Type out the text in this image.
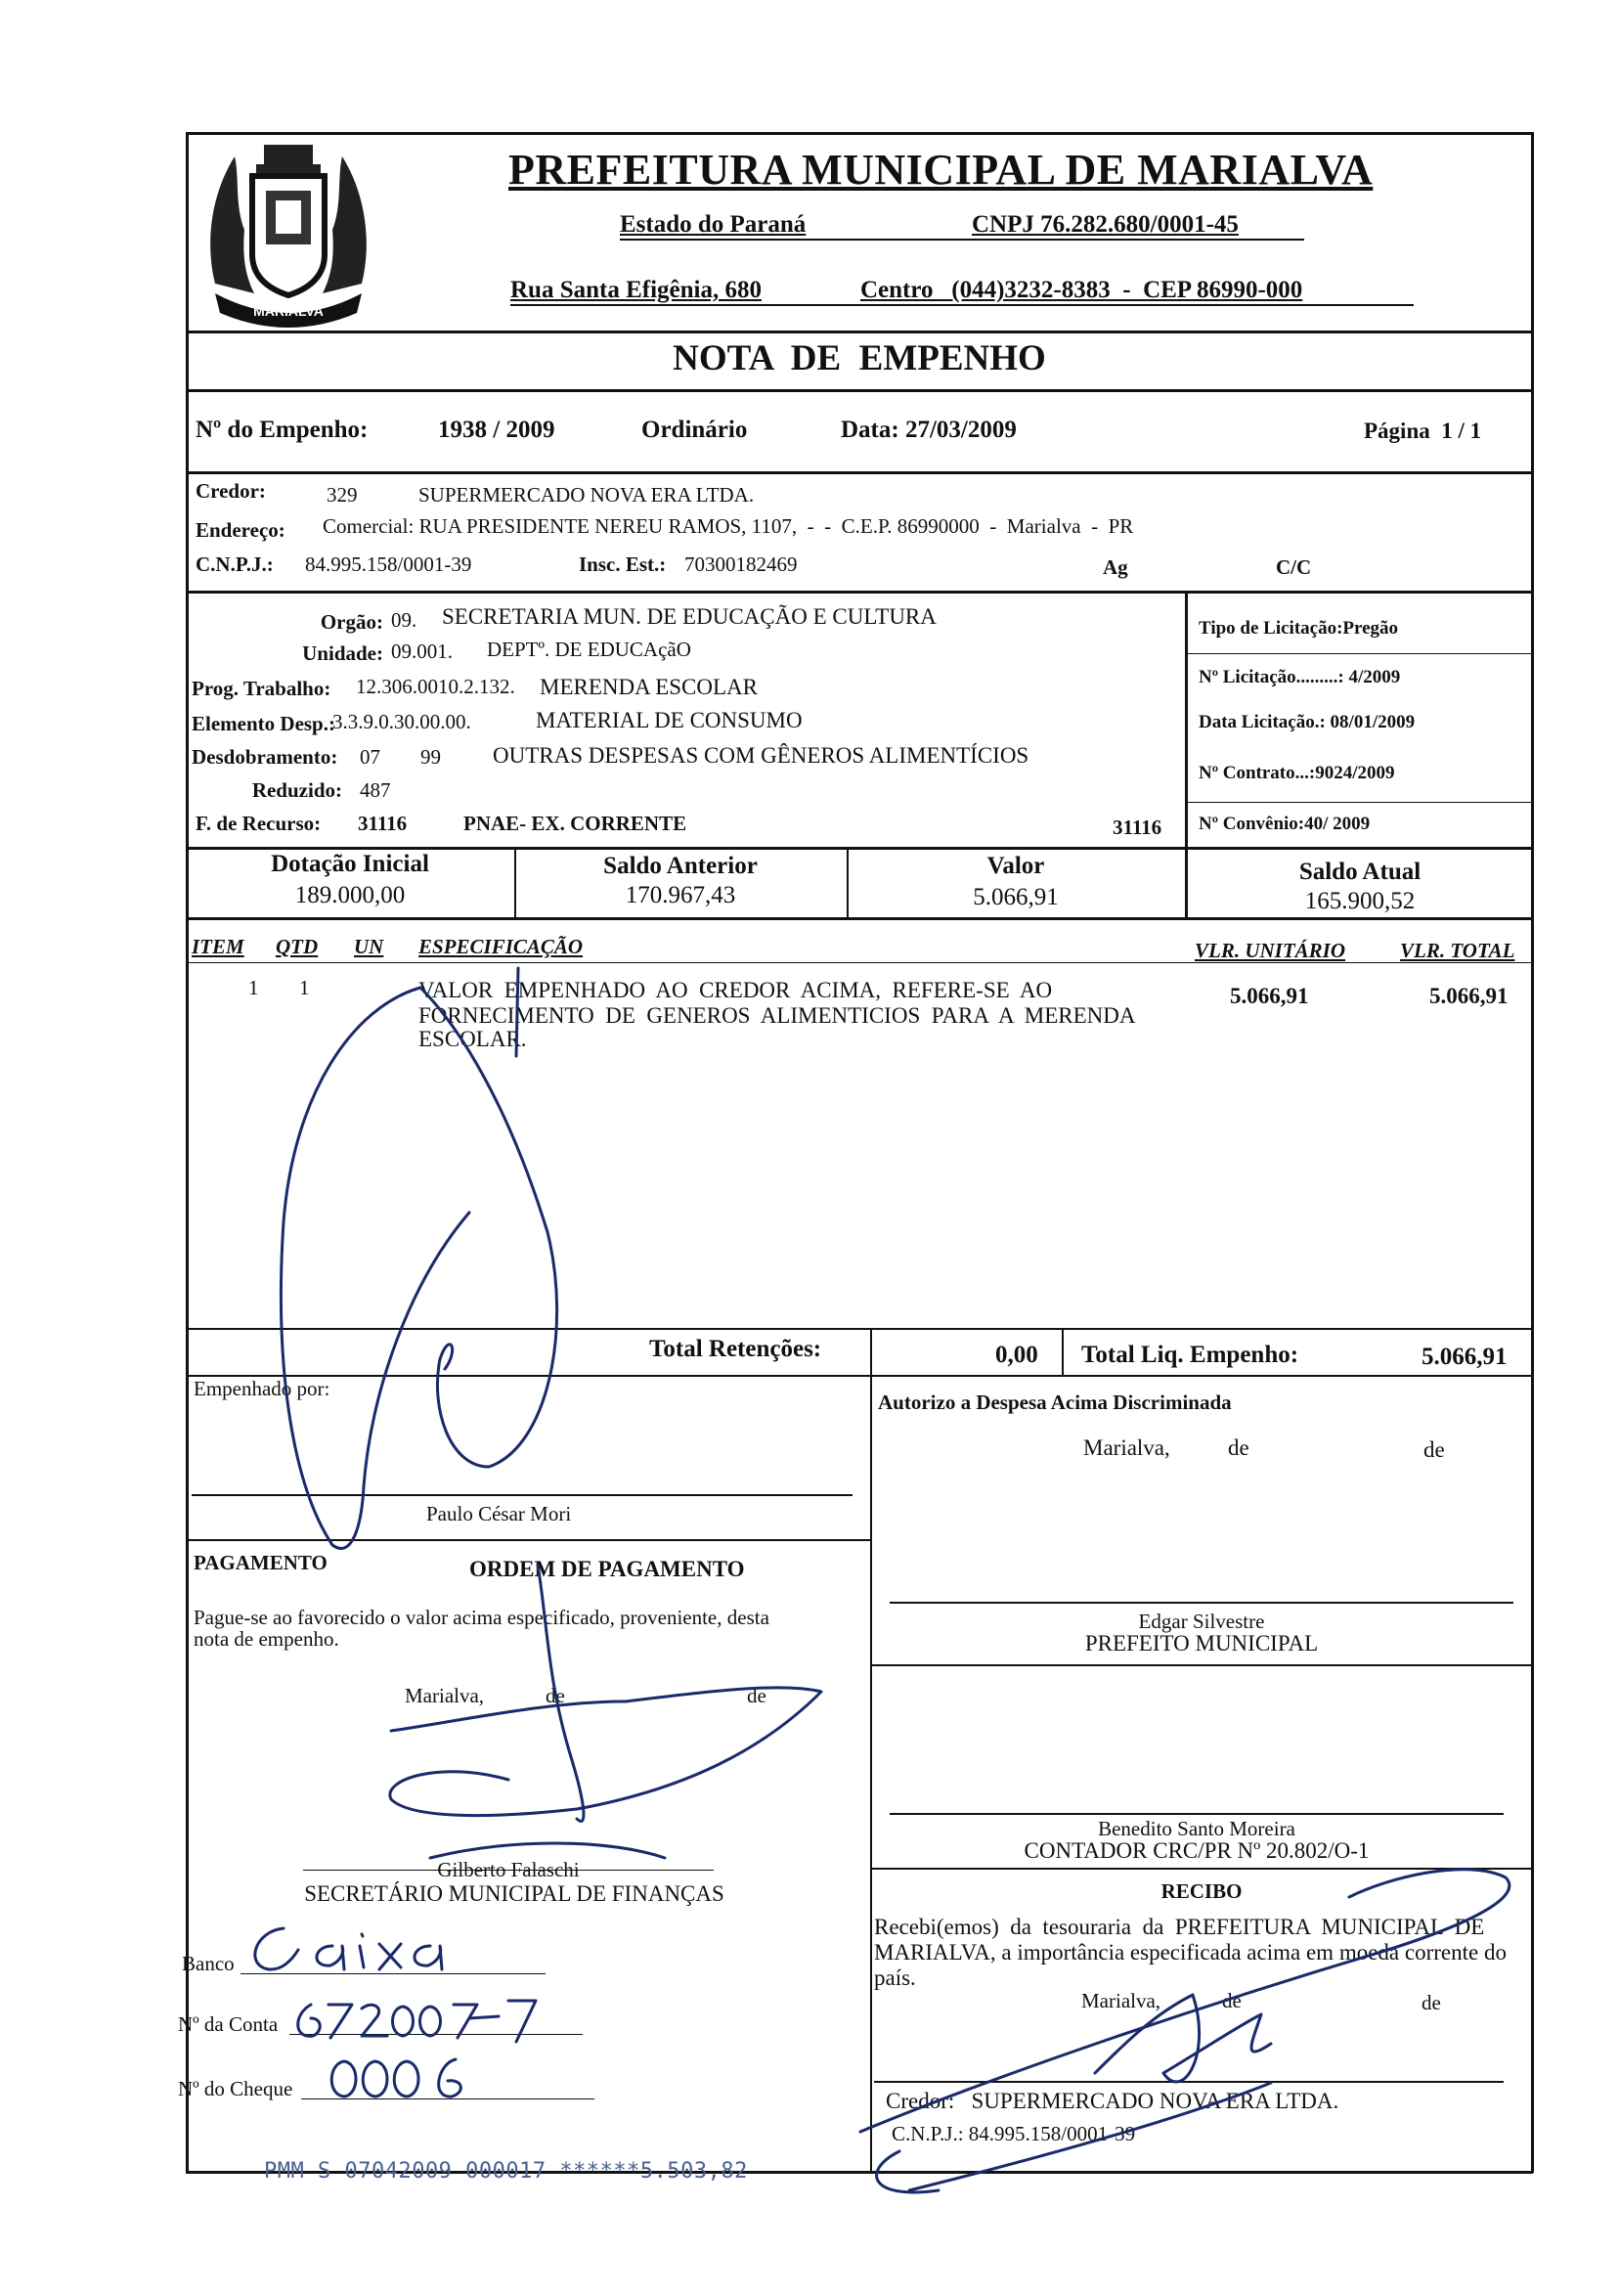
MARIALVA
PREFEITURA MUNICIPAL DE MARIALVA
Estado do Paraná	CNPJ 76.282.680/0001-45
Rua Santa Efigênia, 680	Centro   (044)3232-8383  -  CEP 86990-000
NOTA  DE  EMPENHO
Nº do Empenho:	1938 / 2009	Ordinário	Data: 27/03/2009	Página  1 / 1
Credor:	329	SUPERMERCADO NOVA ERA LTDA.
Endereço: Comercial: RUA PRESIDENTE NEREU RAMOS, 1107,  -  -  C.E.P. 86990000  -  Marialva  -  PR
C.N.P.J.: 84.995.158/0001-39	Insc. Est.: 70300182469	Ag	C/C
Orgão: 09. SECRETARIA MUN. DE EDUCAÇÃO E CULTURA
Unidade: 09.001. DEPTº. DE EDUCAçãO
Prog. Trabalho: 12.306.0010.2.132. MERENDA ESCOLAR
Elemento Desp.:
3.3.9.0.30.00.00.	MATERIAL DE CONSUMO
Desdobramento: 07 99 OUTRAS DESPESAS COM GÊNEROS ALIMENTÍCIOS
Reduzido: 487
F. de Recurso: 31116	PNAE- EX. CORRENTE	31116
Tipo de Licitação:Pregão
Nº Licitação.........: 4/2009
Data Licitação.: 08/01/2009
Nº Contrato...:9024/2009
Nº Convênio:40/ 2009
Dotação Inicial
189.000,00
Saldo Anterior
170.967,43
Valor
5.066,91
Saldo Atual
165.900,52
ITEM QTD UN ESPECIFICAÇÃO	VLR. UNITÁRIO	VLR. TOTAL
1 1	VALOR  EMPENHADO  AO  CREDOR  ACIMA,  REFERE-SE  AO
FORNECIMENTO  DE  GENEROS  ALIMENTICIOS  PARA  A  MERENDA
ESCOLAR.
5.066,91	5.066,91
Total Retenções:	0,00 Total Liq. Empenho:	5.066,91
Empenhado por:
Paulo César Mori
Autorizo a Despesa Acima Discriminada
Marialva,	de	de
PAGAMENTO	ORDEM DE PAGAMENTO
Pague-se ao favorecido o valor acima especificado, proveniente, desta
nota de empenho.
Marialva,	de	de
Gilberto Falaschi
SECRETÁRIO MUNICIPAL DE FINANÇAS
Banco
Nº da Conta
Nº do Cheque
Edgar Silvestre
PREFEITO MUNICIPAL
Benedito Santo Moreira
CONTADOR CRC/PR Nº 20.802/O-1
RECIBO
Recebi(emos)  da  tesouraria  da  PREFEITURA  MUNICIPAL  DE
MARIALVA, a importância especificada acima em moeda corrente do
país.
Marialva,	de	de
Credor:   SUPERMERCADO NOVA ERA LTDA.
C.N.P.J.: 84.995.158/0001-39
PMM S 07042009 000017 ******5.503,82
